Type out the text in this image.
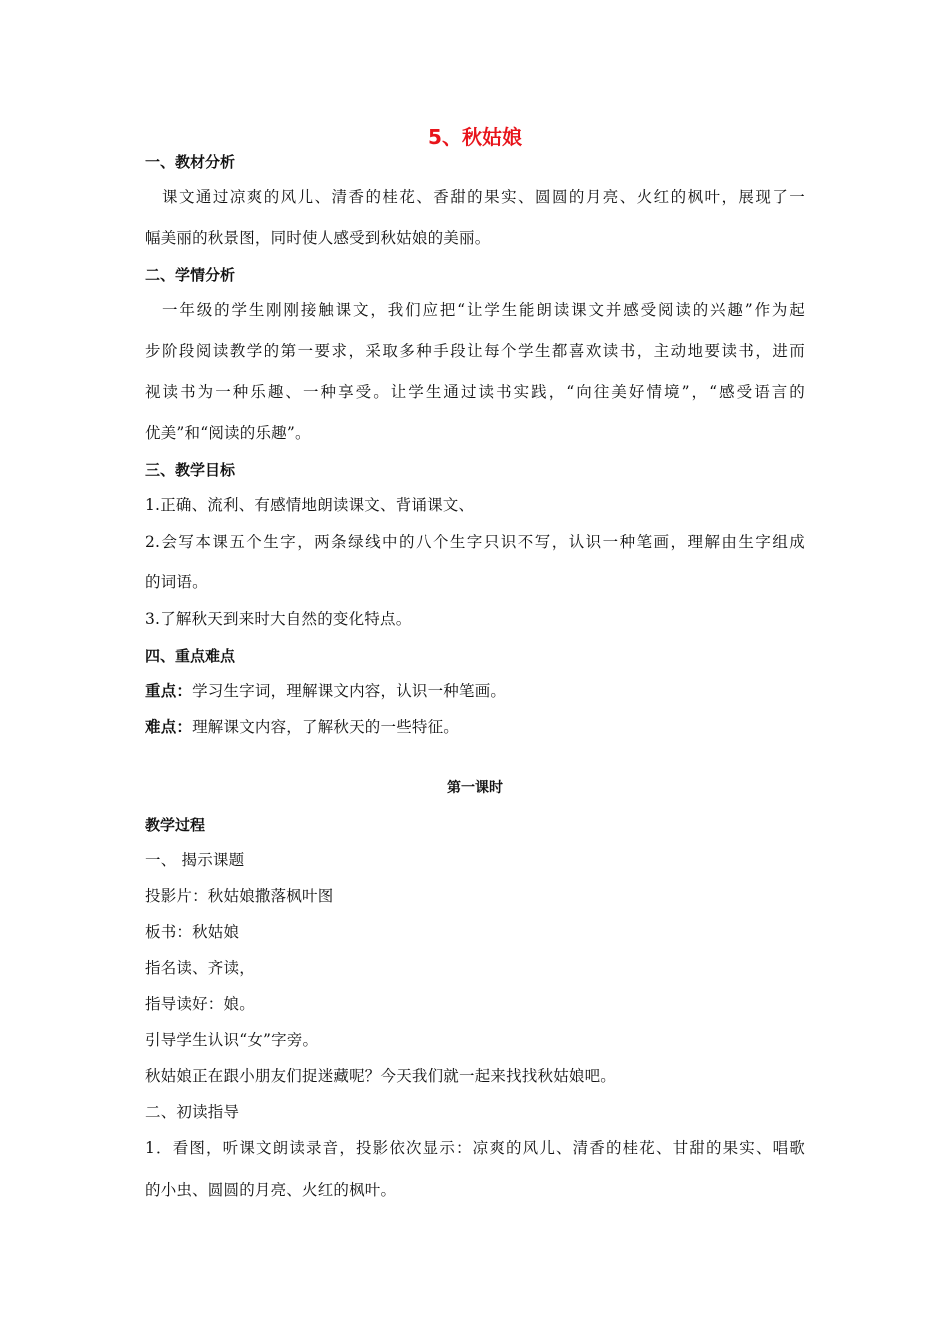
5、秋姑娘
一、教材分析
课文通过凉爽的风儿、清香的桂花、香甜的果实、圆圆的月亮、火红的枫叶，展现了一
幅美丽的秋景图，同时使人感受到秋姑娘的美丽。
二、学情分析
一年级的学生刚刚接触课文，我们应把“让学生能朗读课文并感受阅读的兴趣”作为起
步阶段阅读教学的第一要求，采取多种手段让每个学生都喜欢读书，主动地要读书，进而
视读书为一种乐趣、一种享受。让学生通过读书实践，“向往美好情境”，“感受语言的
优美”和“阅读的乐趣”。
三、教学目标
1.正确、流利、有感情地朗读课文、背诵课文、
2.会写本课五个生字，两条绿线中的八个生字只识不写，认识一种笔画，理解由生字组成
的词语。
3.了解秋天到来时大自然的变化特点。
四、重点难点
重点：学习生字词，理解课文内容，认识一种笔画。
难点：理解课文内容，了解秋天的一些特征。
第一课时
教学过程
一、 揭示课题
投影片：秋姑娘撒落枫叶图
板书：秋姑娘
指名读、齐读，
指导读好：娘。
引导学生认识“女”字旁。
秋姑娘正在跟小朋友们捉迷藏呢？今天我们就一起来找找秋姑娘吧。
二、初读指导
1．看图，听课文朗读录音，投影依次显示：凉爽的风儿、清香的桂花、甘甜的果实、唱歌
的小虫、圆圆的月亮、火红的枫叶。
